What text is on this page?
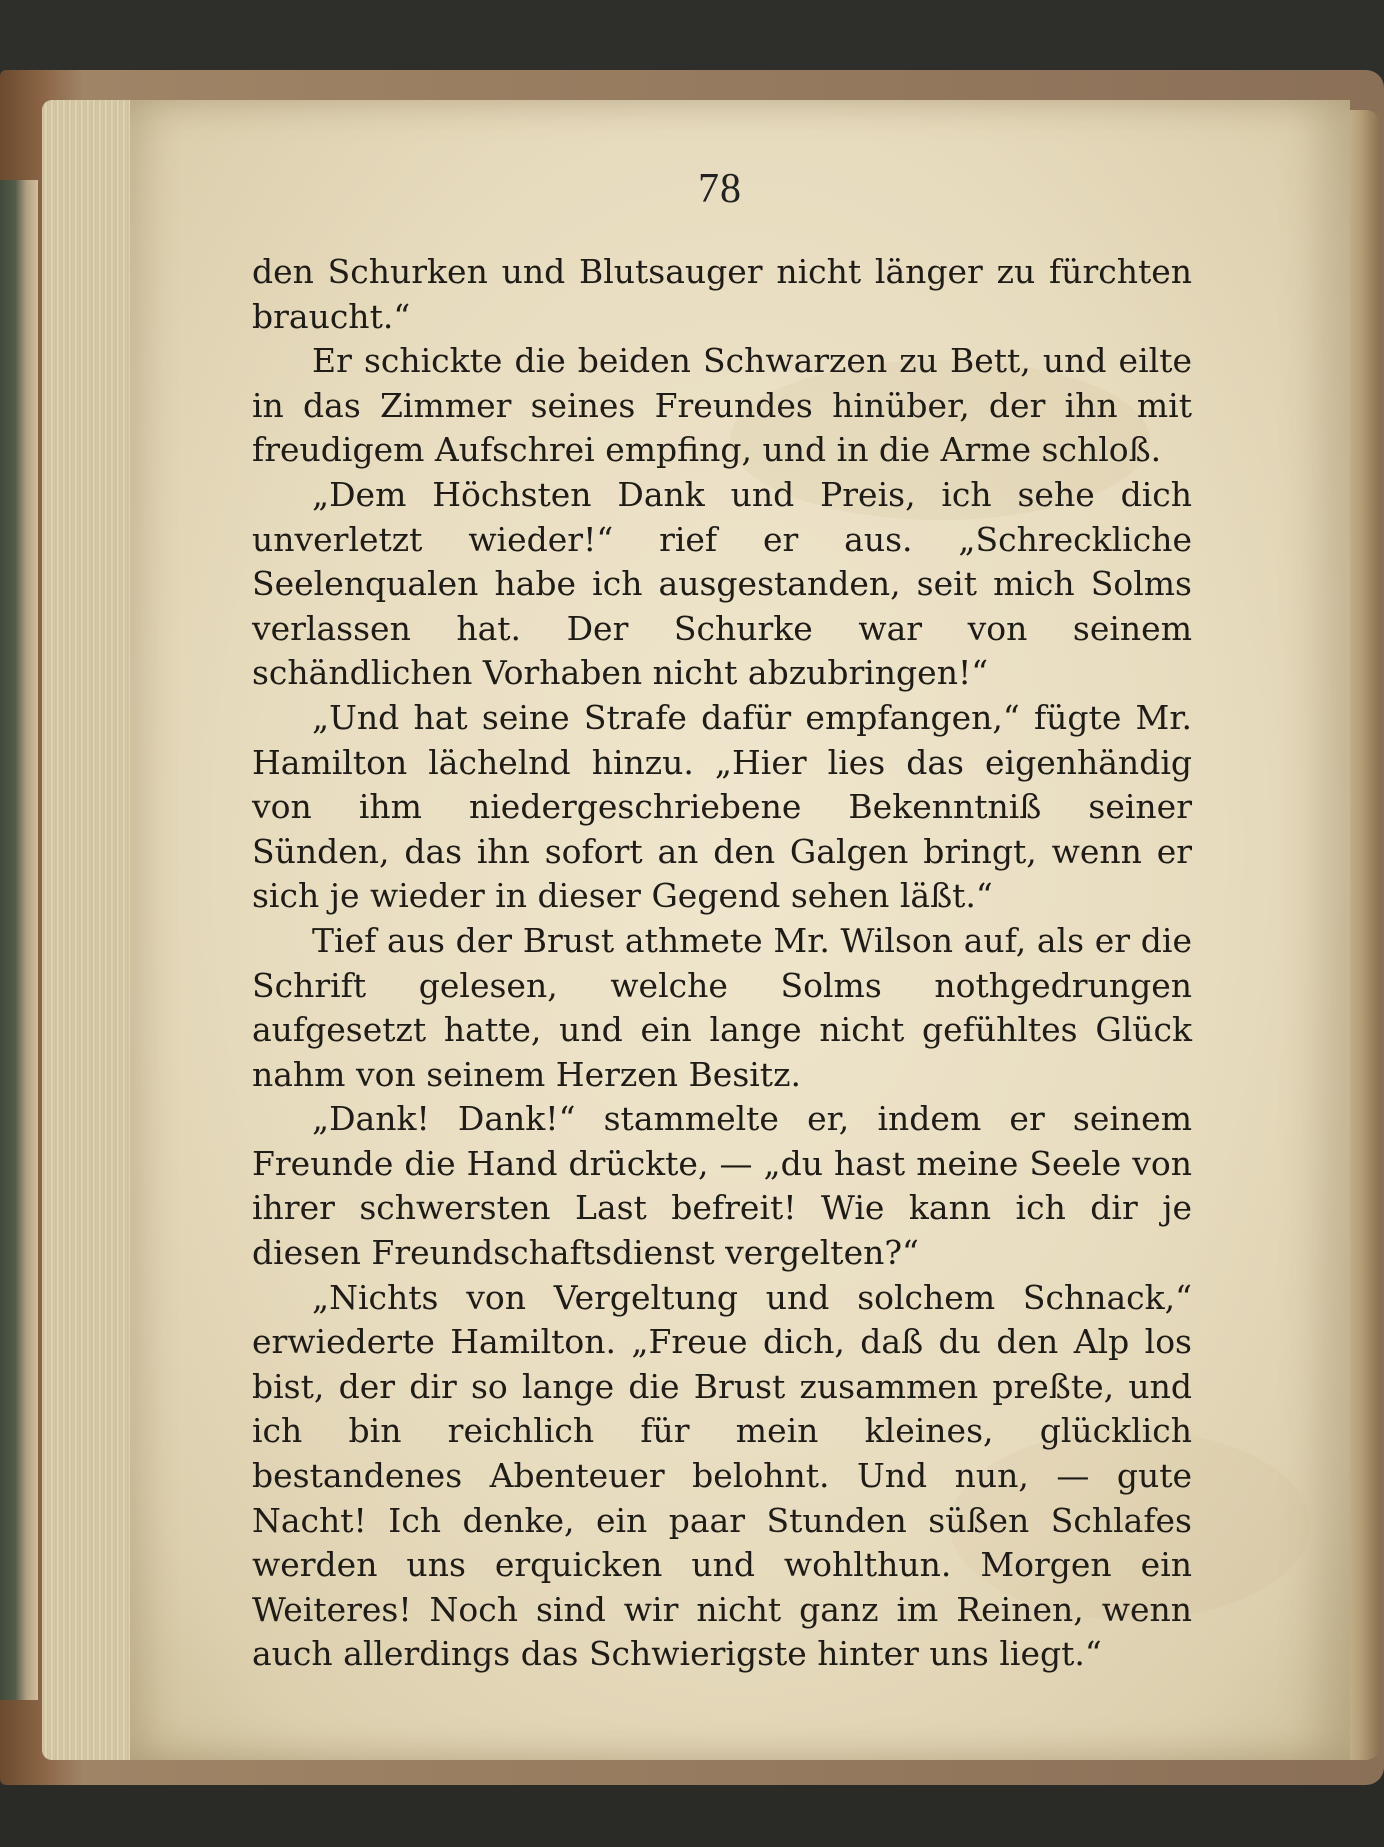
78

den Schurken und Blutsauger nicht länger zu fürchten braucht.“

Er schickte die beiden Schwarzen zu Bett, und eilte in das Zimmer seines Freundes hinüber, der ihn mit freudigem Aufschrei empfing, und in die Arme schloß.

„Dem Höchsten Dank und Preis, ich sehe dich unverletzt wieder!“ rief er aus. „Schreckliche Seelenqualen habe ich ausgestanden, seit mich Solms verlassen hat. Der Schurke war von seinem schändlichen Vorhaben nicht abzubringen!“

„Und hat seine Strafe dafür empfangen,“ fügte Mr. Hamilton lächelnd hinzu. „Hier lies das eigenhändig von ihm niedergeschriebene Bekenntniß seiner Sünden, das ihn sofort an den Galgen bringt, wenn er sich je wieder in dieser Gegend sehen läßt.“

Tief aus der Brust athmete Mr. Wilson auf, als er die Schrift gelesen, welche Solms nothgedrungen aufgesetzt hatte, und ein lange nicht gefühltes Glück nahm von seinem Herzen Besitz.

„Dank! Dank!“ stammelte er, indem er seinem Freunde die Hand drückte, — „du hast meine Seele von ihrer schwersten Last befreit! Wie kann ich dir je diesen Freundschaftsdienst vergelten?“

„Nichts von Vergeltung und solchem Schnack,“ erwiederte Hamilton. „Freue dich, daß du den Alp los bist, der dir so lange die Brust zusammen preßte, und ich bin reichlich für mein kleines, glücklich bestandenes Abenteuer belohnt. Und nun, — gute Nacht! Ich denke, ein paar Stunden süßen Schlafes werden uns erquicken und wohlthun. Morgen ein Weiteres! Noch sind wir nicht ganz im Reinen, wenn auch allerdings das Schwierigste hinter uns liegt.“
